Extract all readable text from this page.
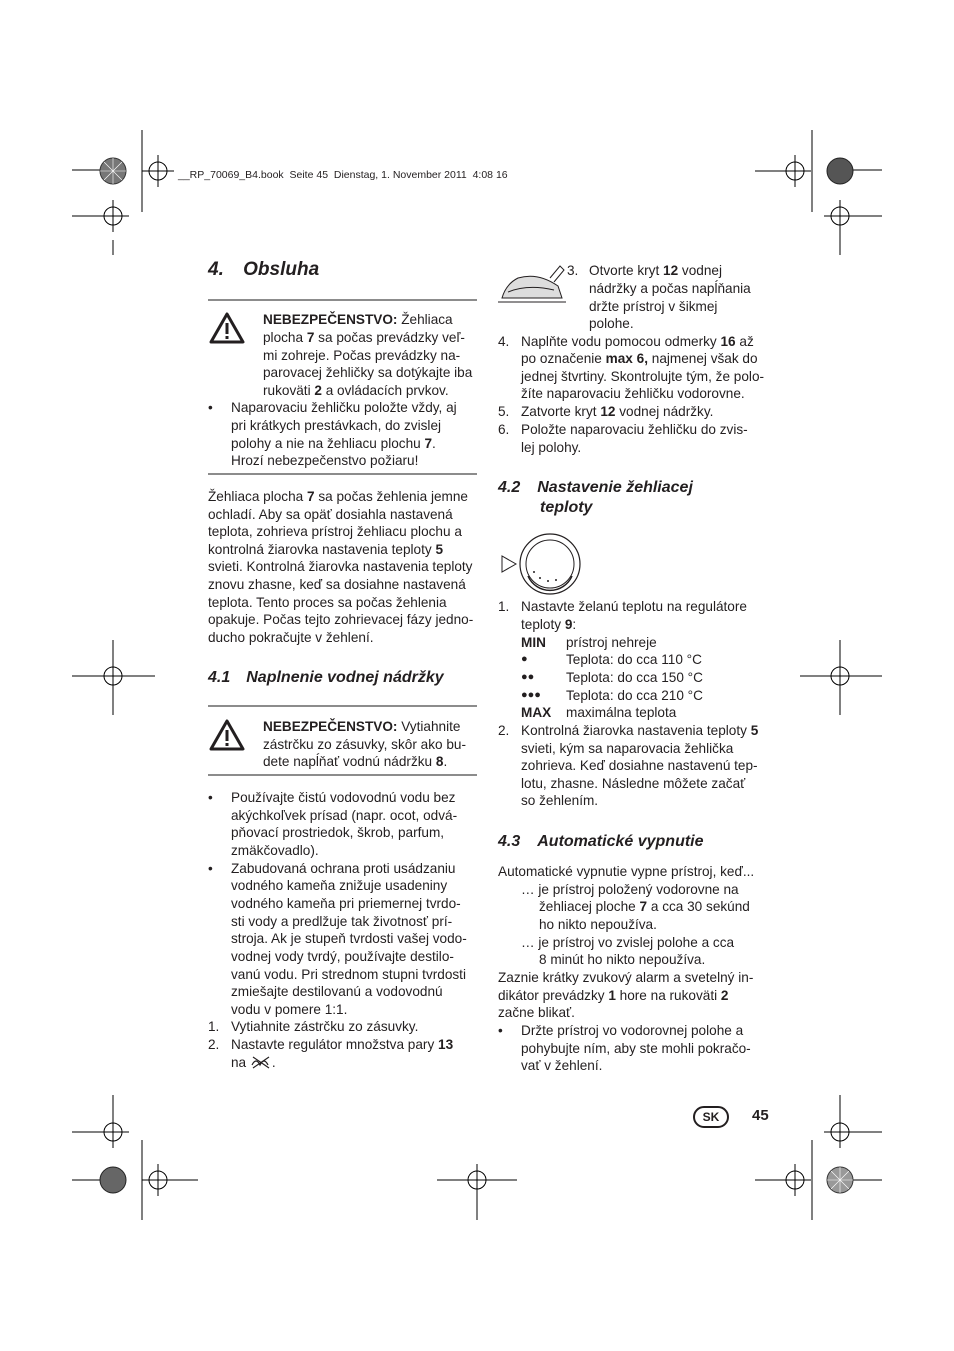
__RP_70069_B4.book  Seite 45  Dienstag, 1. November 2011  4:08 16
4. Obsluha
NEBEZPEČENSTVO: Žehliaca
plocha 7 sa počas prevádzky veľ-
mi zohreje. Počas prevádzky na-
parovacej žehličky sa dotýkajte iba
rukoväti 2 a ovládacích prvkov.
• Naparovaciu žehličku položte vždy, aj
pri krátkych prestávkach, do zvislej
polohy a nie na žehliacu plochu 7.
Hrozí nebezpečenstvo požiaru!
Žehliaca plocha 7 sa počas žehlenia jemne
ochladí. Aby sa opäť dosiahla nastavená
teplota, zohrieva prístroj žehliacu plochu a
kontrolná žiarovka nastavenia teploty 5
svieti. Kontrolná žiarovka nastavenia teploty
znovu zhasne, keď sa dosiahne nastavená
teplota. Tento proces sa počas žehlenia
opakuje. Počas tejto zohrievacej fázy jedno-
ducho pokračujte v žehlení.
4.1 Naplnenie vodnej nádržky
NEBEZPEČENSTVO: Vytiahnite
zástrčku zo zásuvky, skôr ako bu-
dete napĺňať vodnú nádržku 8.
• Používajte čistú vodovodnú vodu bez
akýchkoľvek prísad (napr. ocot, odvá-
pňovací prostriedok, škrob, parfum,
zmäkčovadlo).
• Zabudovaná ochrana proti usádzaniu
vodného kameňa znižuje usadeniny
vodného kameňa pri priemernej tvrdo-
sti vody a predlžuje tak životnosť prí-
stroja. Ak je stupeň tvrdosti vašej vodo-
vodnej vody tvrdý, používajte destilo-
vanú vodu. Pri strednom stupni tvrdosti
zmiešajte destilovanú a vodovodnú
vodu v pomere 1:1.
1. Vytiahnite zástrčku zo zásuvky.
2. Nastavte regulátor množstva pary 13
na .
3. Otvorte kryt 12 vodnej
nádržky a počas napĺňania
držte prístroj v šikmej
polohe.
4. Naplňte vodu pomocou odmerky 16 až
po označenie max 6, najmenej však do
jednej štvrtiny. Skontrolujte tým, že polo-
žíte naparovaciu žehličku vodorovne.
5. Zatvorte kryt 12 vodnej nádržky.
6. Položte naparovaciu žehličku do zvis-
lej polohy.
4.2 Nastavenie žehliacej
teploty
1. Nastavte želanú teplotu na regulátore
teploty 9:
MIN prístroj nehreje
●	Teplota: do cca 110 °C
●● Teplota: do cca 150 °C
●●● Teplota: do cca 210 °C
MAX maximálna teplota
2. Kontrolná žiarovka nastavenia teploty 5
svieti, kým sa naparovacia žehlička
zohrieva. Keď dosiahne nastavenú tep-
lotu, zhasne. Následne môžete začať
so žehlením.
4.3 Automatické vypnutie
Automatické vypnutie vypne prístroj, keď...
… je prístroj položený vodorovne na
žehliacej ploche 7 a cca 30 sekúnd
ho nikto nepoužíva.
… je prístroj vo zvislej polohe a cca
8 minút ho nikto nepoužíva.
Zaznie krátky zvukový alarm a svetelný in-
dikátor prevádzky 1 hore na rukoväti 2
začne blikať.
• Držte prístroj vo vodorovnej polohe a
pohybujte ním, aby ste mohli pokračo-
vať v žehlení.
SK	45
